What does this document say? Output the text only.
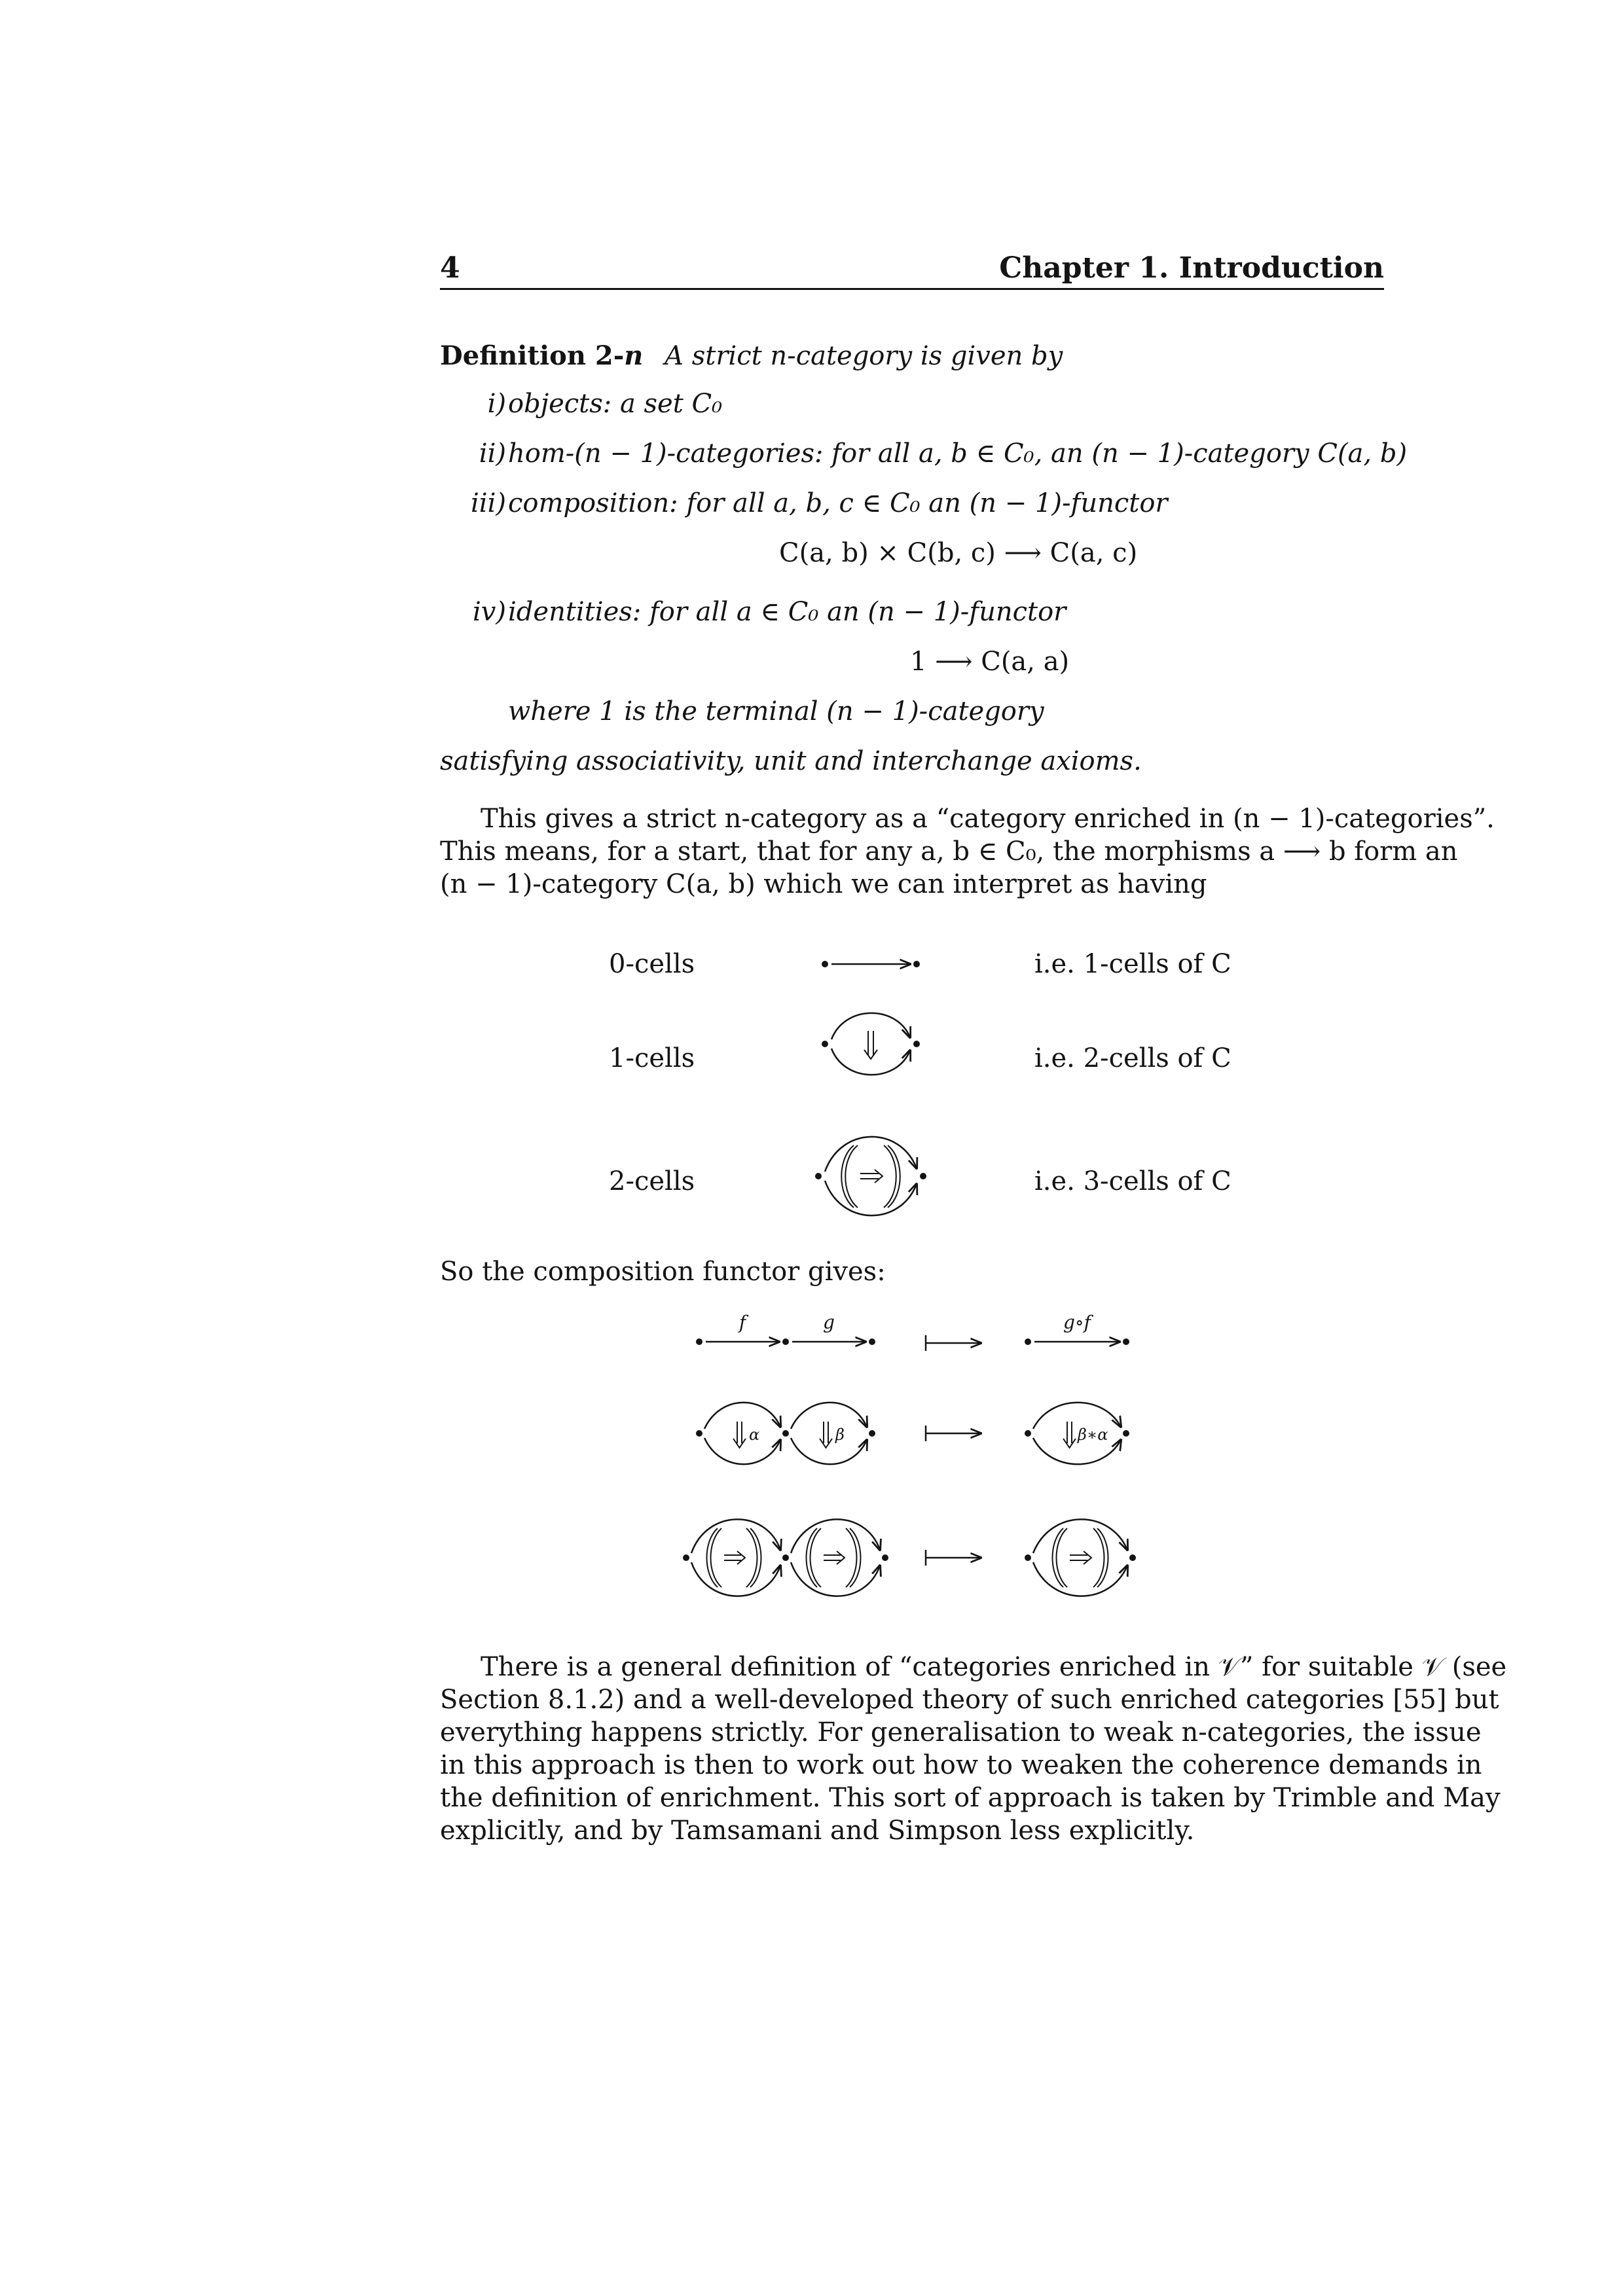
4	Chapter 1. Introduction
Definition 2-n A strict n-category is given by
i) objects: a set C₀
ii) hom-(n − 1)-categories: for all a, b ∈ C₀, an (n − 1)-category C(a, b)
iii) composition: for all a, b, c ∈ C₀ an (n − 1)-functor
C(a, b) × C(b, c) ⟶ C(a, c)
iv) identities: for all a ∈ C₀ an (n − 1)-functor
1 ⟶ C(a, a)
where 1 is the terminal (n − 1)-category
satisfying associativity, unit and interchange axioms.
This gives a strict n-category as a “category enriched in (n − 1)-categories”.
This means, for a start, that for any a, b ∈ C₀, the morphisms a ⟶ b form an
(n − 1)-category C(a, b) which we can interpret as having
0-cells	i.e. 1-cells of C
1-cells	i.e. 2-cells of C
2-cells	i.e. 3-cells of C
So the composition functor gives:
f	g	g∘f
α	β	β∗α
There is a general definition of “categories enriched in 𝒱” for suitable 𝒱 (see
Section 8.1.2) and a well-developed theory of such enriched categories [55] but
everything happens strictly. For generalisation to weak n-categories, the issue
in this approach is then to work out how to weaken the coherence demands in
the definition of enrichment. This sort of approach is taken by Trimble and May
explicitly, and by Tamsamani and Simpson less explicitly.
